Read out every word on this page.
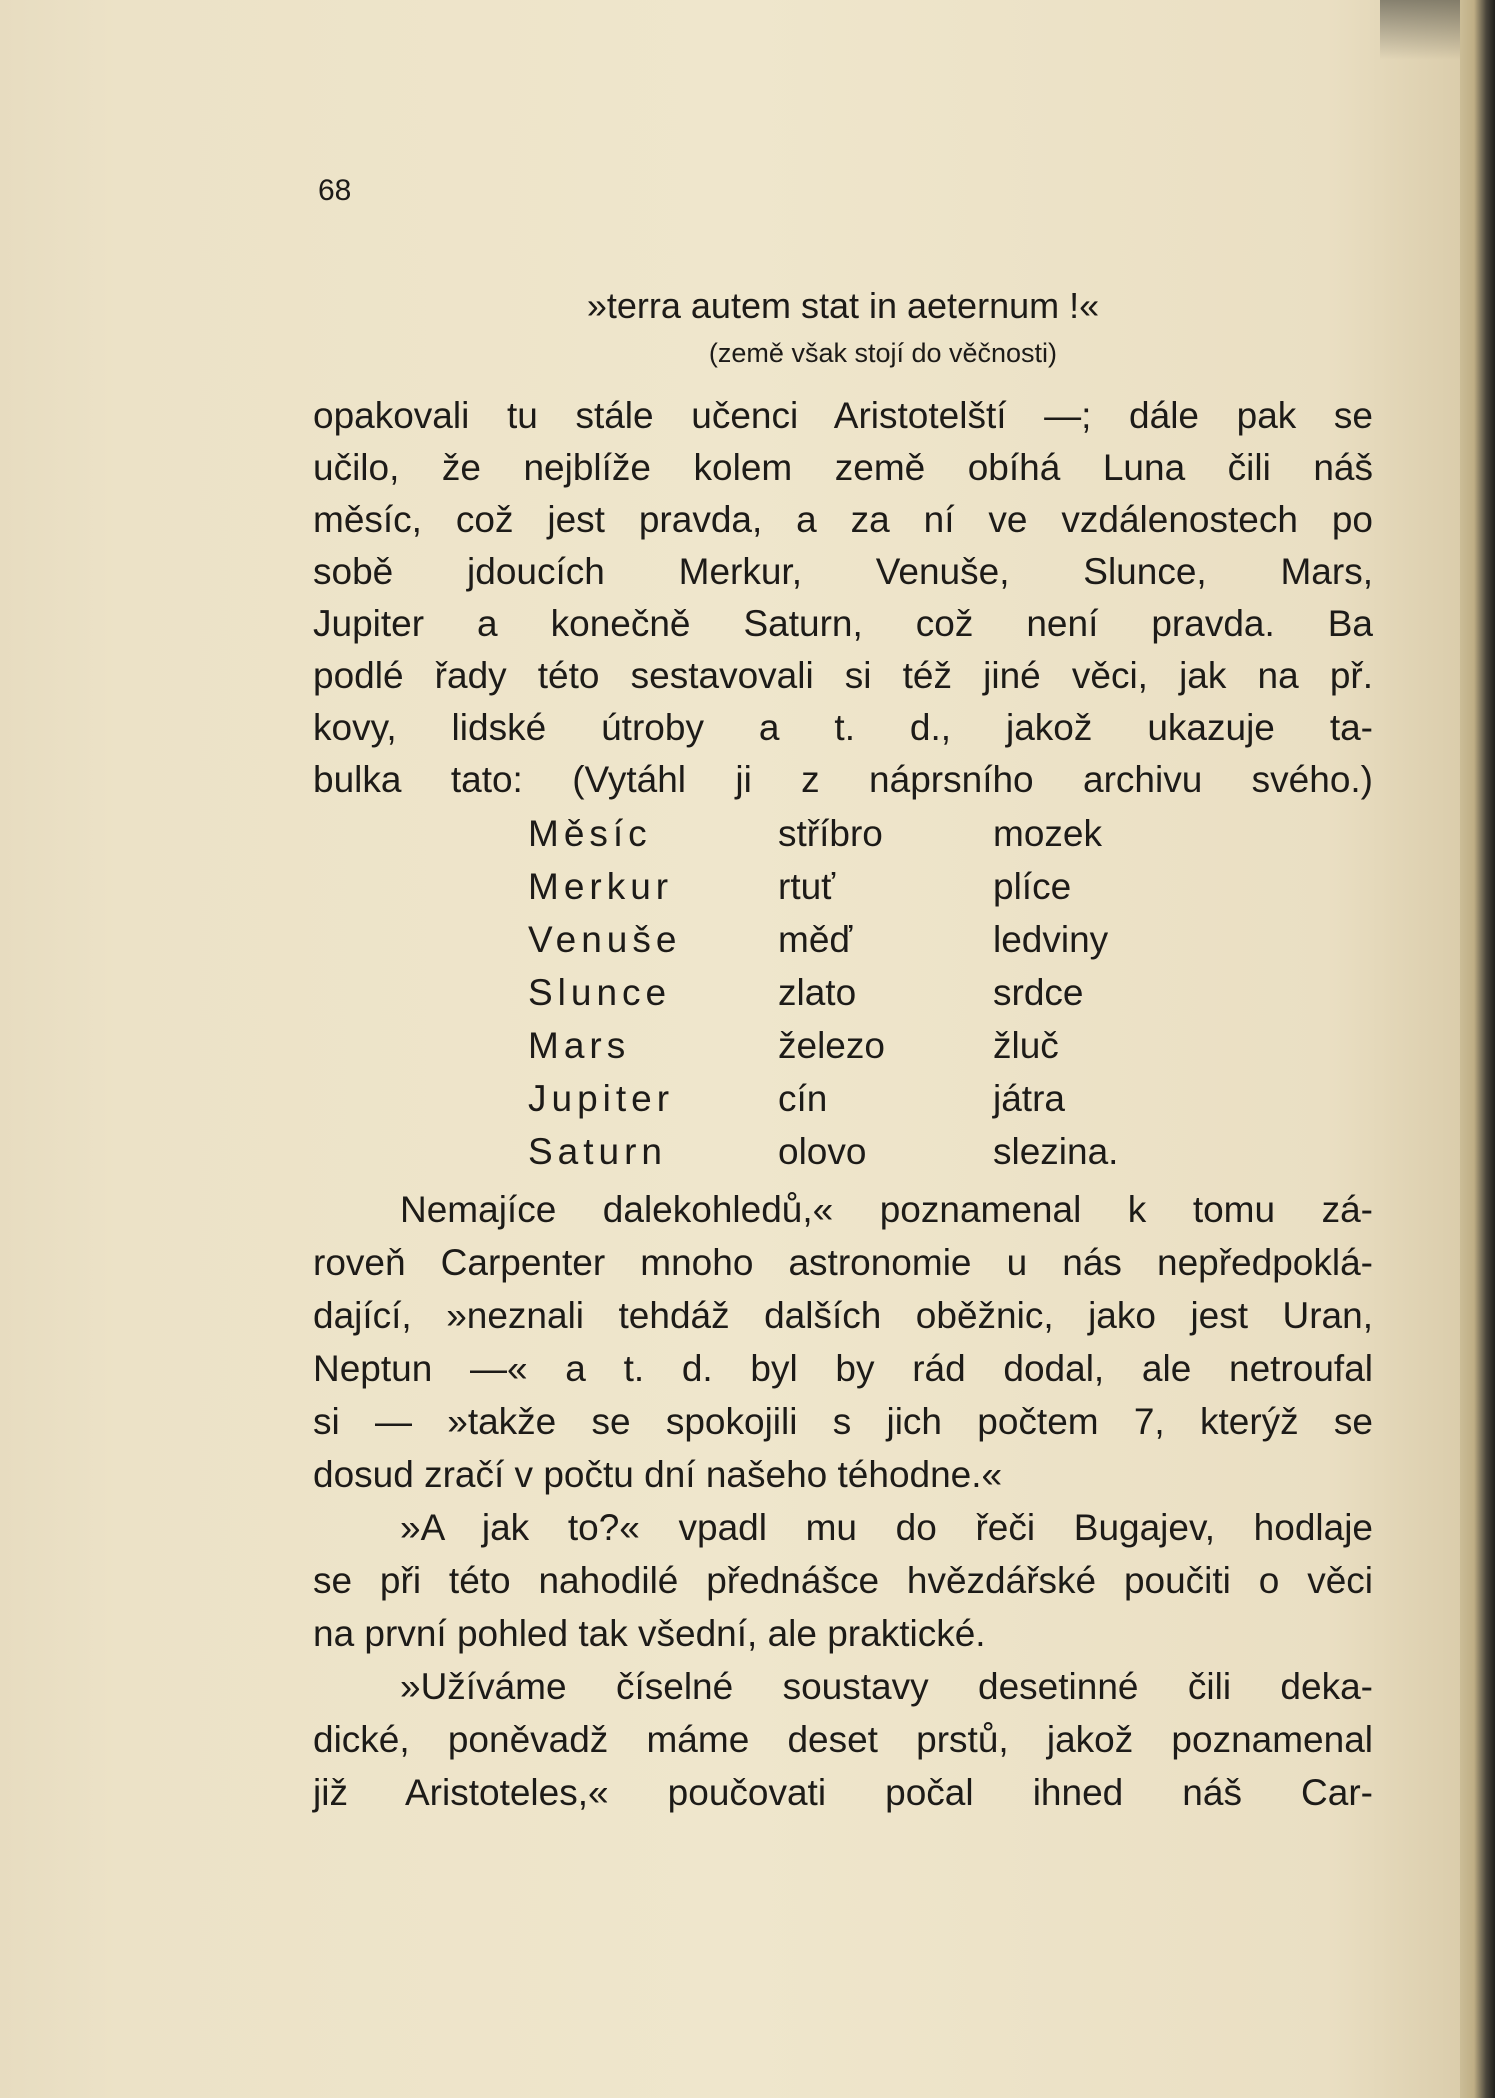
68
»terra autem stat in aeternum !«
(země však stojí do věčnosti)
opakovali tu stále učenci Aristotelští —; dále pak se
učilo, že nejblíže kolem země obíhá Luna čili náš
měsíc, což jest pravda, a za ní ve vzdálenostech po
sobě jdoucích Merkur, Venuše, Slunce, Mars,
Jupiter a konečně Saturn, což není pravda. Ba
podlé řady této sestavovali si též jiné věci, jak na př.
kovy, lidské útroby a t. d., jakož ukazuje ta-
bulka tato: (Vytáhl ji z náprsního archivu svého.)
Měsíc	stříbro	mozek
Merkur	rtuť	plíce
Venuše	měď	ledviny
Slunce	zlato	srdce
Mars	železo	žluč
Jupiter	cín	játra
Saturn	olovo	slezina.
Nemajíce dalekohledů,« poznamenal k tomu zá-
roveň Carpenter mnoho astronomie u nás nepředpoklá-
dající, »neznali tehdáž dalších oběžnic, jako jest Uran,
Neptun —« a t. d. byl by rád dodal, ale netroufal
si — »takže se spokojili s jich počtem 7, kterýž se
dosud zračí v počtu dní našeho téhodne.«
»A jak to?« vpadl mu do řeči Bugajev, hodlaje
se při této nahodilé přednášce hvězdářské poučiti o věci
na první pohled tak všední, ale praktické.
»Užíváme číselné soustavy desetinné čili deka-
dické, poněvadž máme deset prstů, jakož poznamenal
již Aristoteles,« poučovati počal ihned náš Car-
